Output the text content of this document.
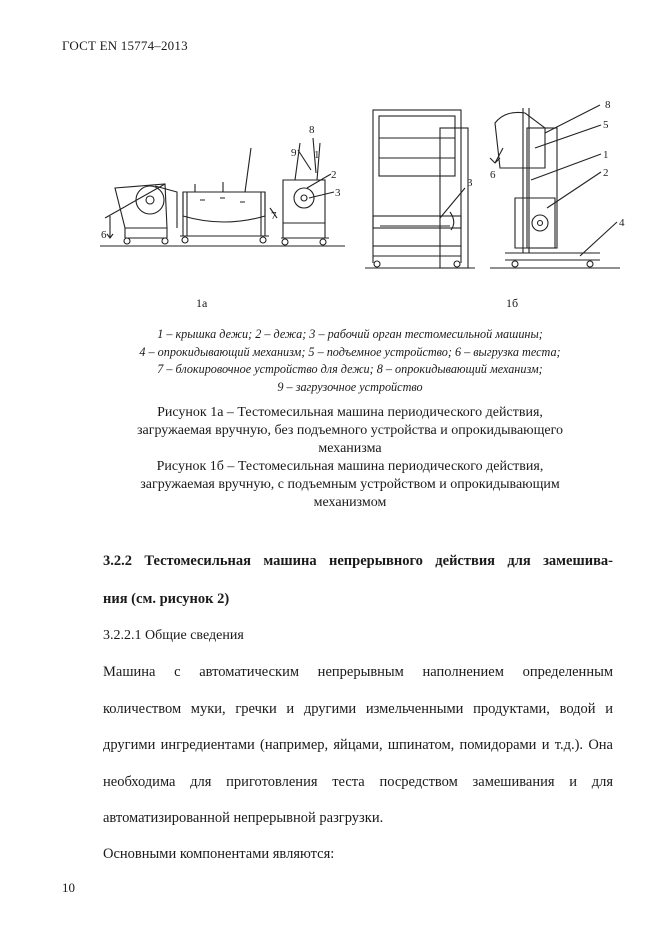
ГОСТ EN 15774–2013
6
7
9
8
2
3
1
3
8
5
1
2
4
6
1а	1б
1 – крышка дежи; 2 – дежа; 3 – рабочий орган тестомесильной машины;
4 – опрокидывающий механизм; 5 – подъемное устройство; 6 – выгрузка теста;
7 – блокировочное устройство для дежи; 8 – опрокидывающий механизм;
9 – загрузочное устройство
Рисунок 1а – Тестомесильная машина периодического действия, загружаемая вручную, без подъемного устройства и опрокидывающего механизма
Рисунок 1б – Тестомесильная машина периодического действия, загружаемая вручную, с подъемным устройством и опрокидывающим механизмом
3.2.2 Тестомесильная машина непрерывного действия для замешива-
ния (см. рисунок 2)
3.2.2.1 Общие сведения
Машина с автоматическим непрерывным наполнением определенным количеством муки, гречки и другими измельченными продуктами, водой и другими ингредиентами (например, яйцами, шпинатом, помидорами и т.д.). Она необходима для приготовления теста посредством замешивания и для автоматизированной непрерывной разгрузки.
Основными компонентами являются:
10
